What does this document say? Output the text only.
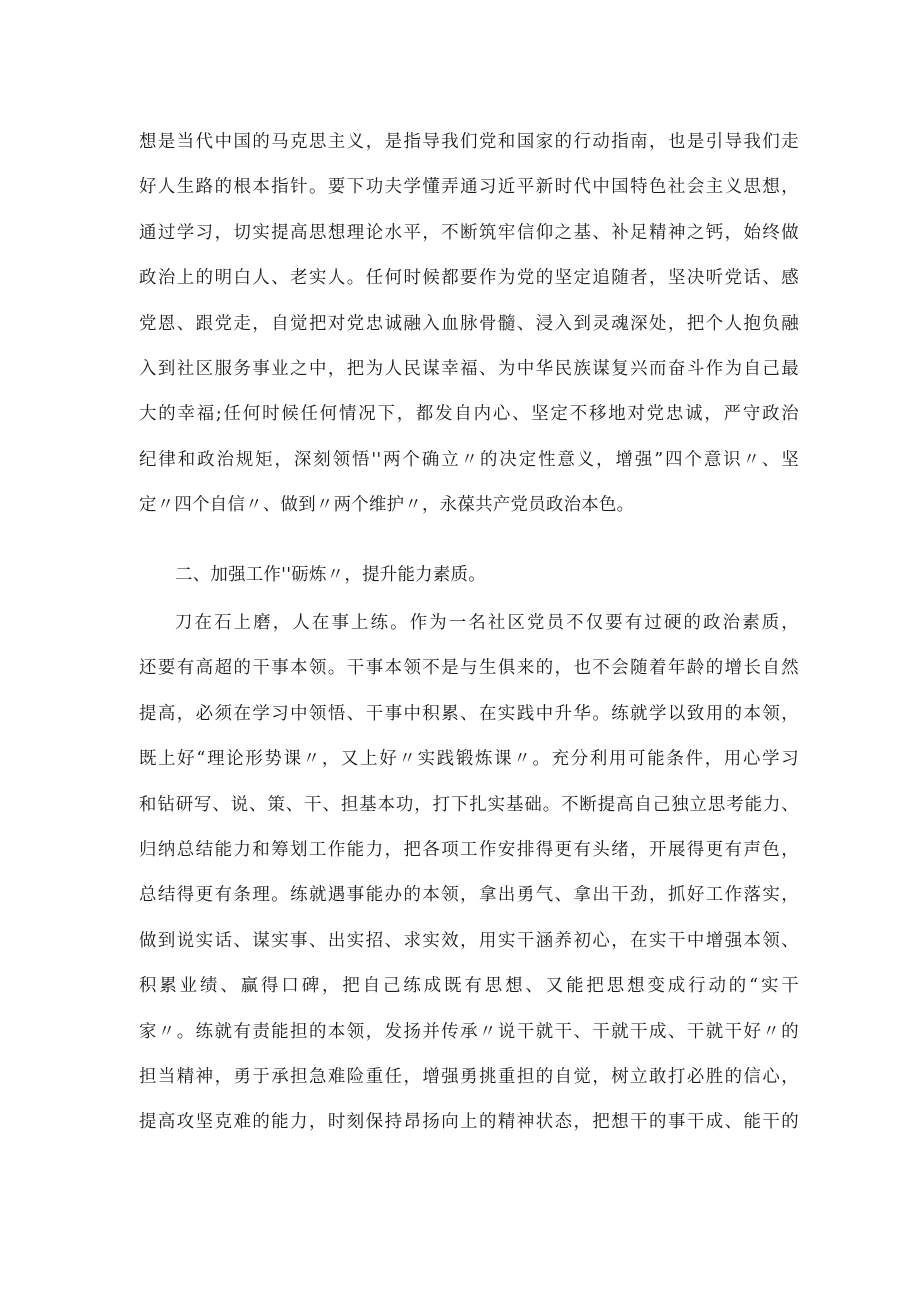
想是当代中国的马克思主义，是指导我们党和国家的行动指南，也是引导我们走
好人生路的根本指针。要下功夫学懂弄通习近平新时代中国特色社会主义思想，
通过学习，切实提高思想理论水平，不断筑牢信仰之基、补足精神之钙，始终做
政治上的明白人、老实人。任何时候都要作为党的坚定追随者，坚决听党话、感
党恩、跟党走，自觉把对党忠诚融入血脉骨髓、浸入到灵魂深处，把个人抱负融
入到社区服务事业之中，把为人民谋幸福、为中华民族谋复兴而奋斗作为自己最
大的幸福;任何时候任何情况下，都发自内心、坚定不移地对党忠诚，严守政治
纪律和政治规矩，深刻领悟''两个确立〃的决定性意义，增强”四个意识〃、坚
定〃四个自信〃、做到〃两个维护〃，永葆共产党员政治本色。
二、加强工作''砺炼〃，提升能力素质。
刀在石上磨，人在事上练。作为一名社区党员不仅要有过硬的政治素质，
还要有高超的干事本领。干事本领不是与生俱来的，也不会随着年龄的增长自然
提高，必须在学习中领悟、干事中积累、在实践中升华。练就学以致用的本领，
既上好“理论形势课〃，又上好〃实践锻炼课〃。充分利用可能条件，用心学习
和钻研写、说、策、干、担基本功，打下扎实基础。不断提高自己独立思考能力、
归纳总结能力和筹划工作能力，把各项工作安排得更有头绪，开展得更有声色，
总结得更有条理。练就遇事能办的本领，拿出勇气、拿出干劲，抓好工作落实，
做到说实话、谋实事、出实招、求实效，用实干涵养初心，在实干中增强本领、
积累业绩、赢得口碑，把自己练成既有思想、又能把思想变成行动的“实干
家〃。练就有责能担的本领，发扬并传承〃说干就干、干就干成、干就干好〃的
担当精神，勇于承担急难险重任，增强勇挑重担的自觉，树立敢打必胜的信心，
提高攻坚克难的能力，时刻保持昂扬向上的精神状态，把想干的事干成、能干的
